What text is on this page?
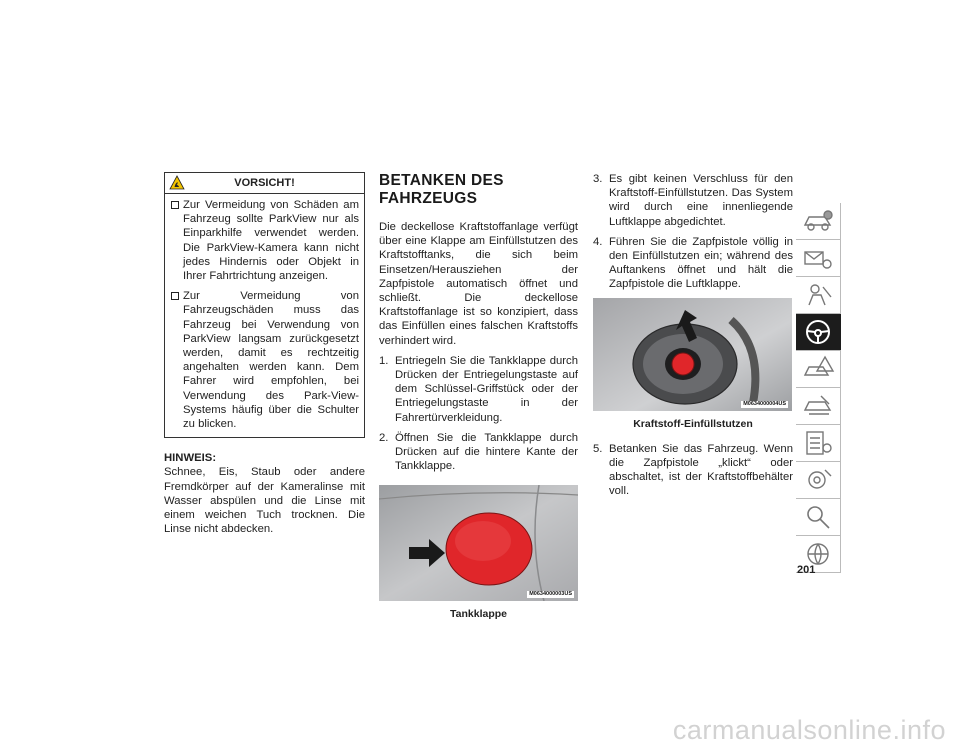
VORSICHT!
Zur Vermeidung von Schäden am Fahrzeug sollte ParkView nur als Einparkhilfe verwendet werden. Die ParkView-Kamera kann nicht jedes Hindernis oder Objekt in Ihrer Fahrtrichtung anzeigen.
Zur Vermeidung von Fahrzeugschäden muss das Fahrzeug bei Verwendung von ParkView langsam zurückgesetzt werden, damit es rechtzeitig angehalten werden kann. Dem Fahrer wird empfohlen, bei Verwendung des Park-View-Systems häufig über die Schulter zu blicken.
HINWEIS:
Schnee, Eis, Staub oder andere Fremdkörper auf der Kameralinse mit Wasser abspülen und die Linse mit einem weichen Tuch trocknen. Die Linse nicht abdecken.
BETANKEN DES FAHRZEUGS

Die deckellose Kraftstoffanlage verfügt über eine Klappe am Einfüllstutzen des Kraftstofftanks, die sich beim Einsetzen/Herausziehen der Zapfpistole automatisch öffnet und schließt. Die deckellose Kraftstoffanlage ist so konzipiert, dass das Einfüllen eines falschen Kraftstoffs verhindert wird.

1. Entriegeln Sie die Tankklappe durch Drücken der Entriegelungstaste auf dem Schlüssel-Griffstück oder der Entriegelungstaste in der Fahrertürverkleidung.
2. Öffnen Sie die Tankklappe durch Drücken auf die hintere Kante der Tankklappe.
M0634000003US
Tankklappe
3. Es gibt keinen Verschluss für den Kraftstoff-Einfüllstutzen. Das System wird durch eine innenliegende Luftklappe abgedichtet.
4. Führen Sie die Zapfpistole völlig in den Einfüllstutzen ein; während des Auftankens öffnet und hält die Zapfpistole die Luftklappe.
M0634000004US
Kraftstoff-Einfüllstutzen
5. Betanken Sie das Fahrzeug. Wenn die Zapfpistole „klickt“ oder abschaltet, ist der Kraftstoffbehälter voll.
201
carmanualsonline.info
